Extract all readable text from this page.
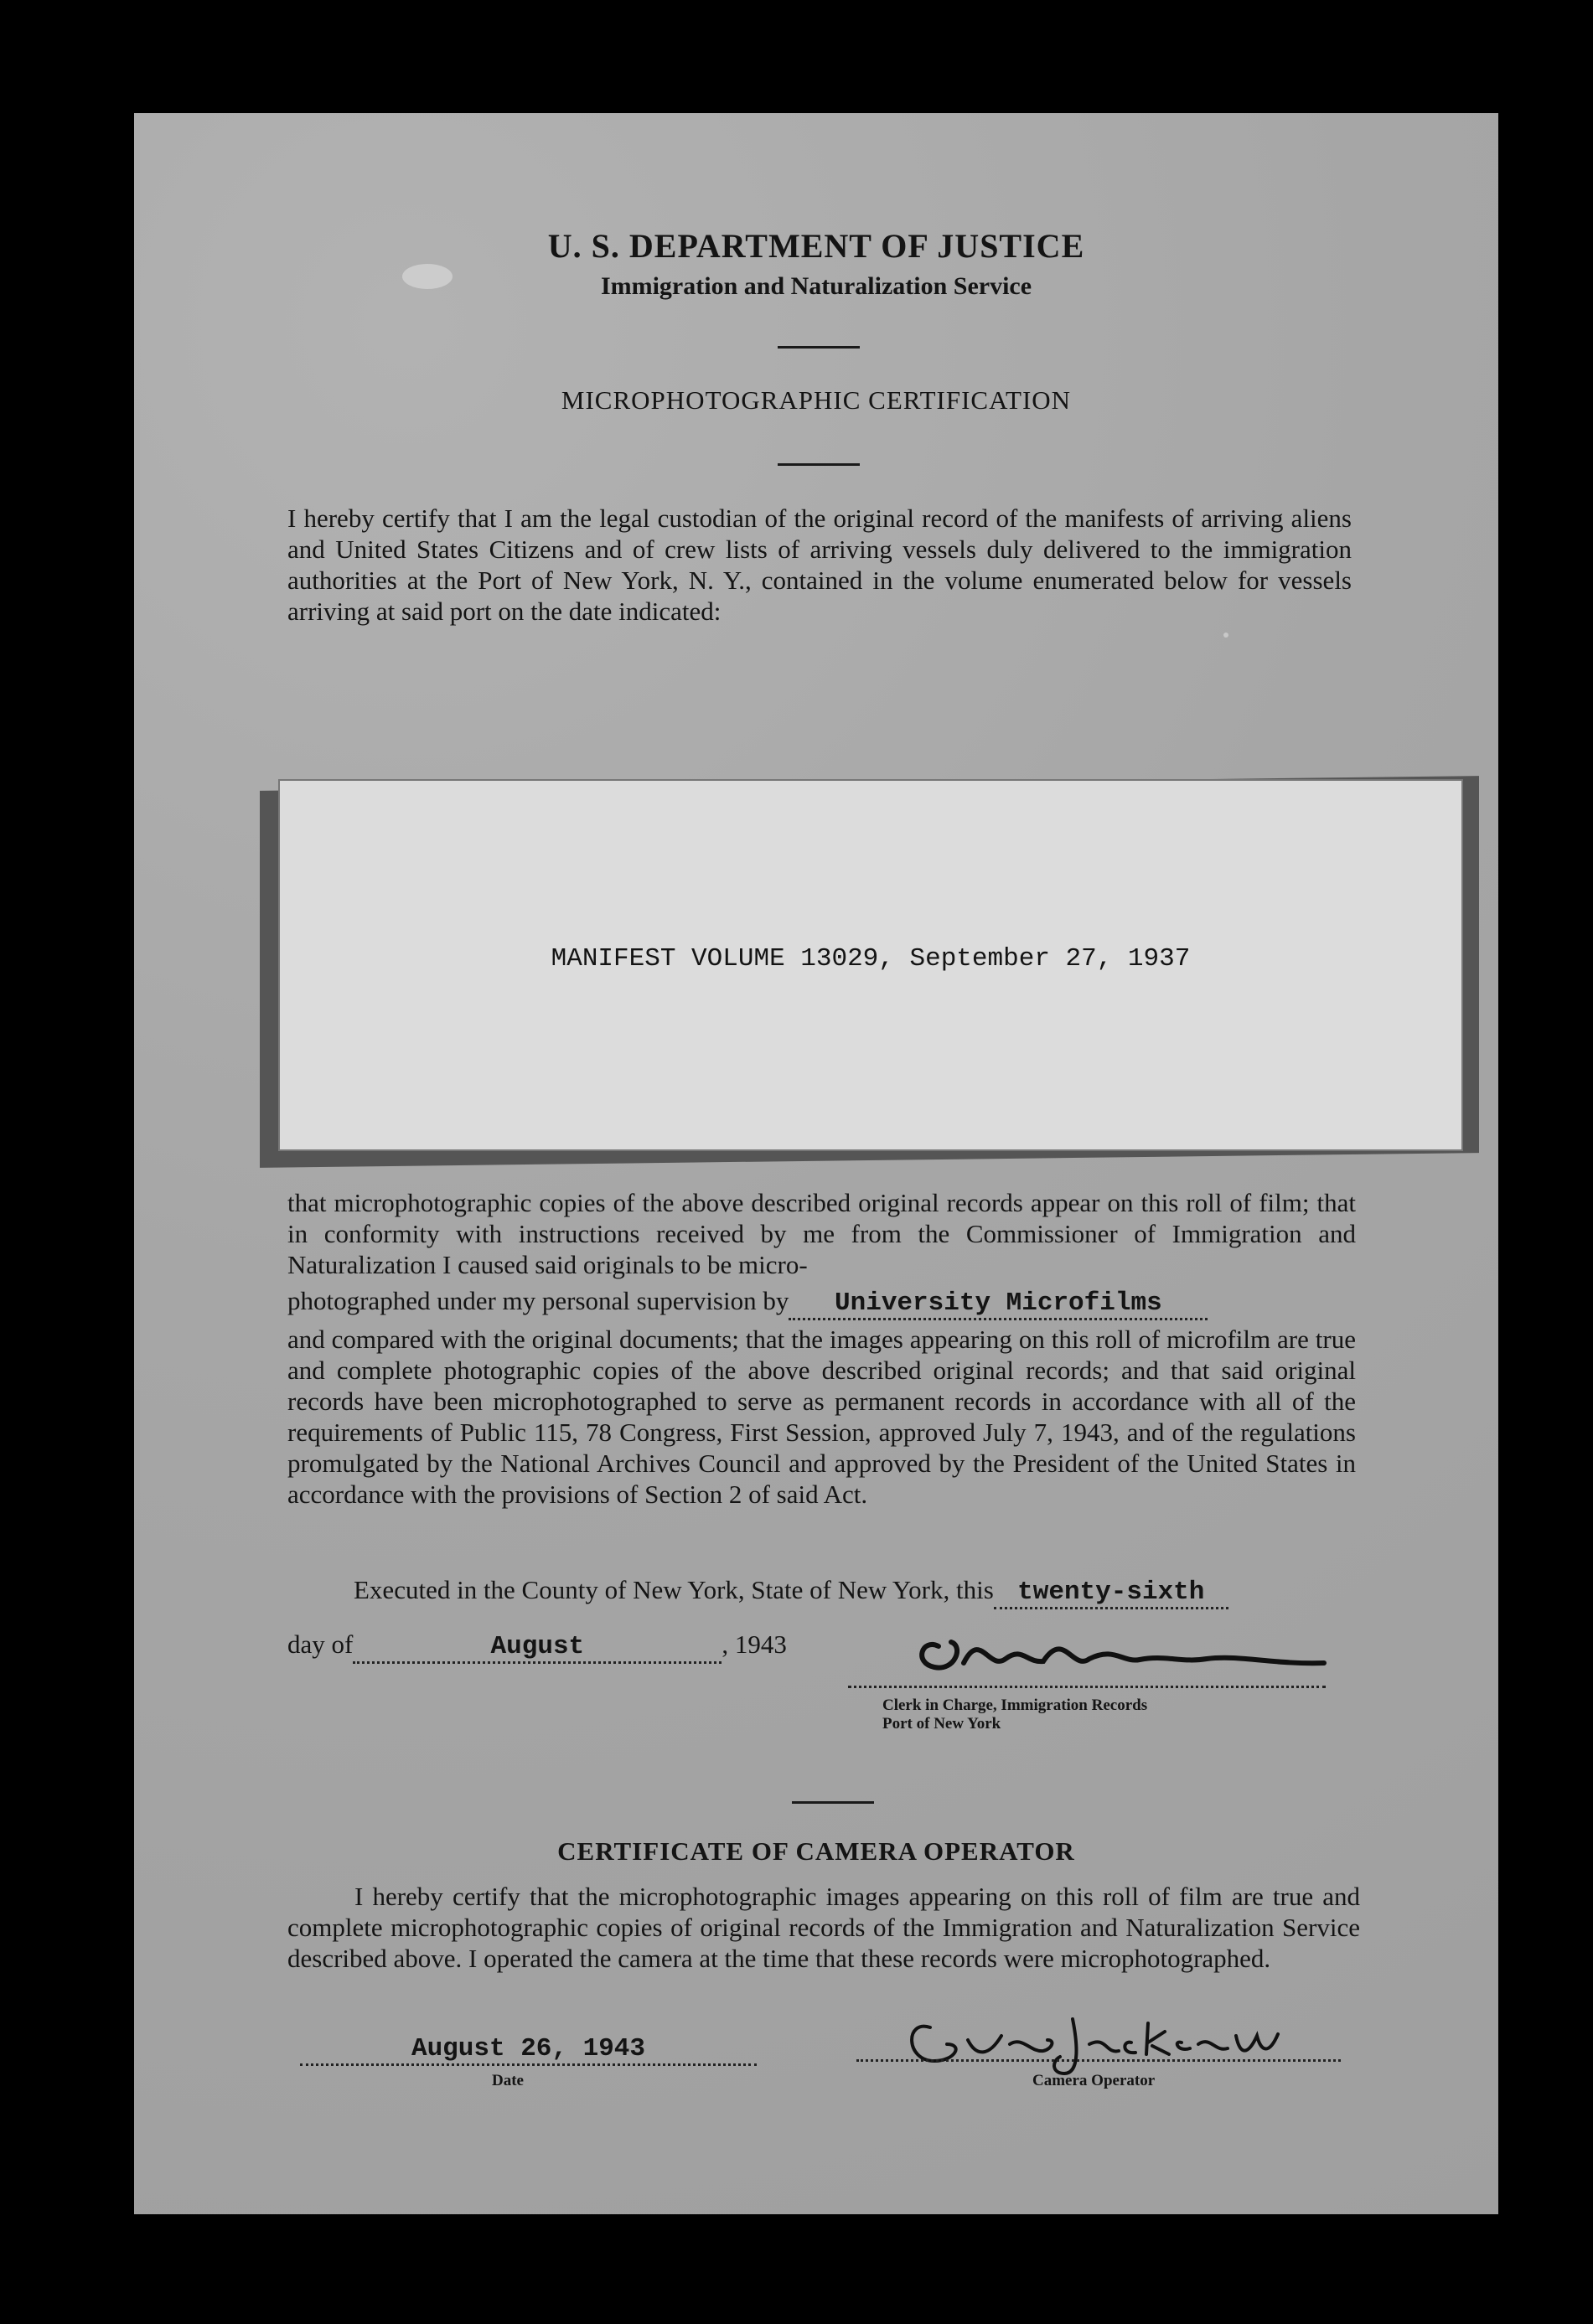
U. S. DEPARTMENT OF JUSTICE
Immigration and Naturalization Service
MICROPHOTOGRAPHIC CERTIFICATION
I hereby certify that I am the legal custodian of the original record of the manifests of arriving aliens and United States Citizens and of crew lists of arriving vessels duly delivered to the immigration authorities at the Port of New York, N. Y., contained in the volume enumerated below for vessels arriving at said port on the date indicated:
MANIFEST VOLUME 13029, September 27, 1937
that microphotographic copies of the above described original records appear on this roll of film; that in conformity with instructions received by me from the Commissioner of Immigration and Naturalization I caused said originals to be micro-
photographed under my personal supervision by University Microfilms
and compared with the original documents; that the images appearing on this roll of microfilm are true and complete photographic copies of the above described original records; and that said original records have been microphotographed to serve as permanent records in accordance with all of the requirements of Public 115, 78 Congress, First Session, approved July 7, 1943, and of the regulations promulgated by the National Archives Council and approved by the President of the United States in accordance with the provisions of Section 2 of said Act.
Executed in the County of New York, State of New York, this twenty-sixth
day of	August	, 1943
Clerk in Charge, Immigration Records
Port of New York
CERTIFICATE OF CAMERA OPERATOR
I hereby certify that the microphotographic images appearing on this roll of film are true and complete microphotographic copies of original records of the Immigration and Naturalization Service described above. I operated the camera at the time that these records were microphotographed.
August 26, 1943
Date	Camera Operator
